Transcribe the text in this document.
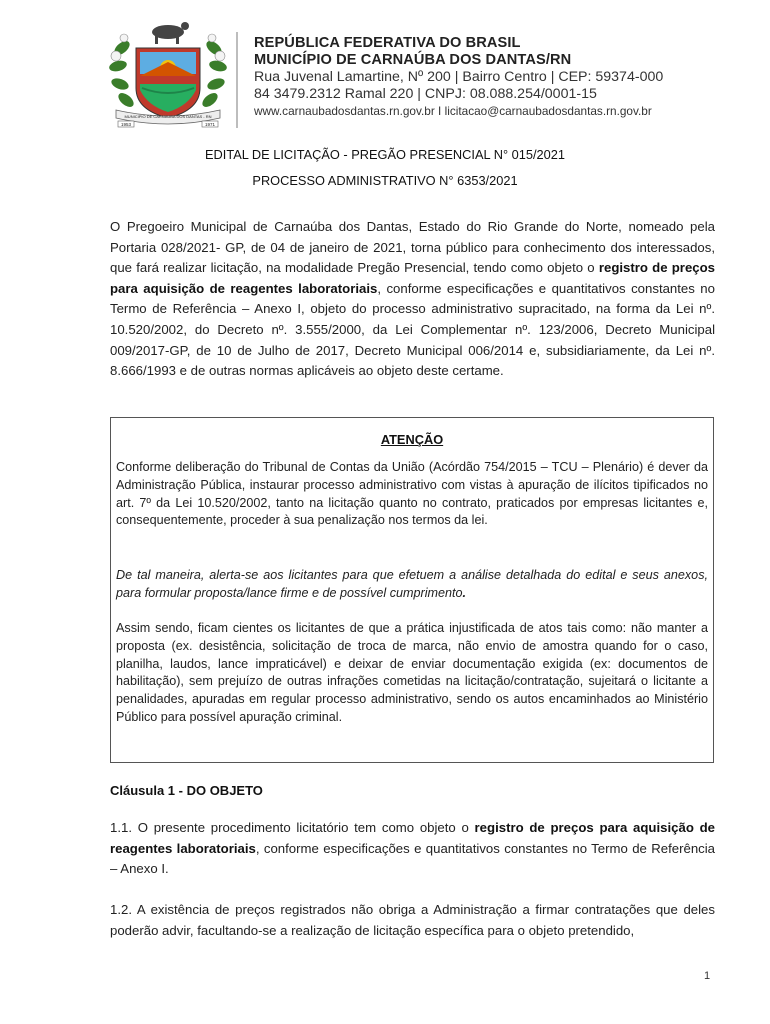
MUNICIPIO DE CARNAUBA DOS DANTAS - RN
1953	1971
REPÚBLICA FEDERATIVA DO BRASIL
MUNICÍPIO DE CARNAÚBA DOS DANTAS/RN
Rua Juvenal Lamartine, Nº 200 | Bairro Centro | CEP: 59374-000
84 3479.2312 Ramal 220 | CNPJ: 08.088.254/0001-15
www.carnaubadosdantas.rn.gov.br I licitacao@carnaubadosdantas.rn.gov.br
EDITAL DE LICITAÇÃO - PREGÃO PRESENCIAL N° 015/2021
PROCESSO ADMINISTRATIVO N° 6353/2021
O Pregoeiro Municipal de Carnaúba dos Dantas, Estado do Rio Grande do Norte, nomeado pela Portaria 028/2021- GP, de 04 de janeiro de 2021, torna público para conhecimento dos interessados, que fará realizar licitação, na modalidade Pregão Presencial, tendo como objeto o registro de preços para aquisição de reagentes laboratoriais, conforme especificações e quantitativos constantes no Termo de Referência – Anexo I, objeto do processo administrativo supracitado, na forma da Lei nº. 10.520/2002, do Decreto nº. 3.555/2000, da Lei Complementar nº. 123/2006, Decreto Municipal 009/2017-GP, de 10 de Julho de 2017, Decreto Municipal 006/2014 e, subsidiariamente, da Lei nº. 8.666/1993 e de outras normas aplicáveis ao objeto deste certame.
ATENÇÃO
Conforme deliberação do Tribunal de Contas da União (Acórdão 754/2015 – TCU – Plenário) é dever da Administração Pública, instaurar processo administrativo com vistas à apuração de ilícitos tipificados no art. 7º da Lei 10.520/2002, tanto na licitação quanto no contrato, praticados por empresas licitantes e, consequentemente, proceder à sua penalização nos termos da lei.
De tal maneira, alerta-se aos licitantes para que efetuem a análise detalhada do edital e seus anexos, para formular proposta/lance firme e de possível cumprimento.
Assim sendo, ficam cientes os licitantes de que a prática injustificada de atos tais como: não manter a proposta (ex. desistência, solicitação de troca de marca, não envio de amostra quando for o caso, planilha, laudos, lance impraticável) e deixar de enviar documentação exigida (ex: documentos de habilitação), sem prejuízo de outras infrações cometidas na licitação/contratação, sujeitará o licitante a penalidades, apuradas em regular processo administrativo, sendo os autos encaminhados ao Ministério Público para possível apuração criminal.
Cláusula 1 - DO OBJETO
1.1. O presente procedimento licitatório tem como objeto o registro de preços para aquisição de reagentes laboratoriais, conforme especificações e quantitativos constantes no Termo de Referência – Anexo I.
1.2. A existência de preços registrados não obriga a Administração a firmar contratações que deles poderão advir, facultando-se a realização de licitação específica para o objeto pretendido,
1
